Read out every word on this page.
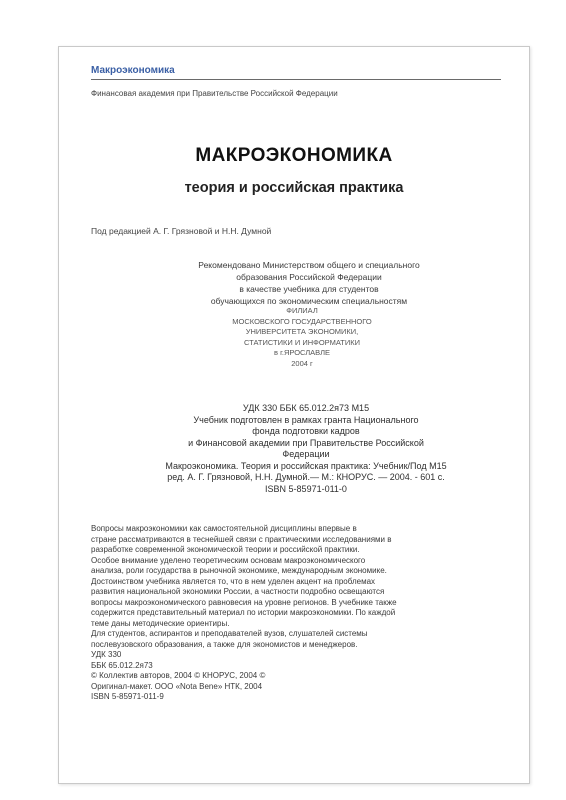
Макроэкономика
Финансовая академия при Правительстве Российской Федерации
МАКРОЭКОНОМИКА
теория и российская практика
Под редакцией А. Г. Грязновой и Н.Н. Думной
Рекомендовано Министерством общего и специального
образования Российской Федерации
в качестве учебника для студентов
обучающихся по экономическим специальностям
ФИЛИАЛ
МОСКОВСКОГО ГОСУДАРСТВЕННОГО
УНИВЕРСИТЕТА ЭКОНОМИКИ,
СТАТИСТИКИ И ИНФОРМАТИКИ
в г.ЯРОСЛАВЛЕ
2004 г
УДК 330 ББК 65.012.2я73 М15
Учебник подготовлен в рамках гранта Национального
фонда подготовки кадров
и Финансовой академии при Правительстве Российской
Федерации
Макроэкономика. Теория и российская практика: Учебник/Под М15
ред. А. Г. Грязновой, Н.Н. Думной.— М.: КНОРУС. — 2004. - 601 с.
ISBN 5-85971-011-0
Вопросы макроэкономики как самостоятельной дисциплины впервые в
стране рассматриваются в теснейшей связи с практическими исследованиями в
разработке современной экономической теории и российской практики.
Особое внимание уделено теоретическим основам макроэкономического
анализа, роли государства в рыночной экономике, международным экономике.
Достоинством учебника является то, что в нем уделен акцент на проблемах
развития национальной экономики России, а частности подробно освещаются
вопросы макроэкономического равновесия на уровне регионов. В учебнике также
содержится представительный материал по истории макроэкономики. По каждой
теме даны методические ориентиры.
Для студентов, аспирантов и преподавателей вузов, слушателей системы
послевузовского образования, а также для экономистов и менеджеров.
УДК 330
ББК 65.012.2я73
© Коллектив авторов, 2004 © КНОРУС, 2004 ©
Оригинал-макет. ООО «Nota Bene» НТК, 2004
ISBN 5-85971-011-9
